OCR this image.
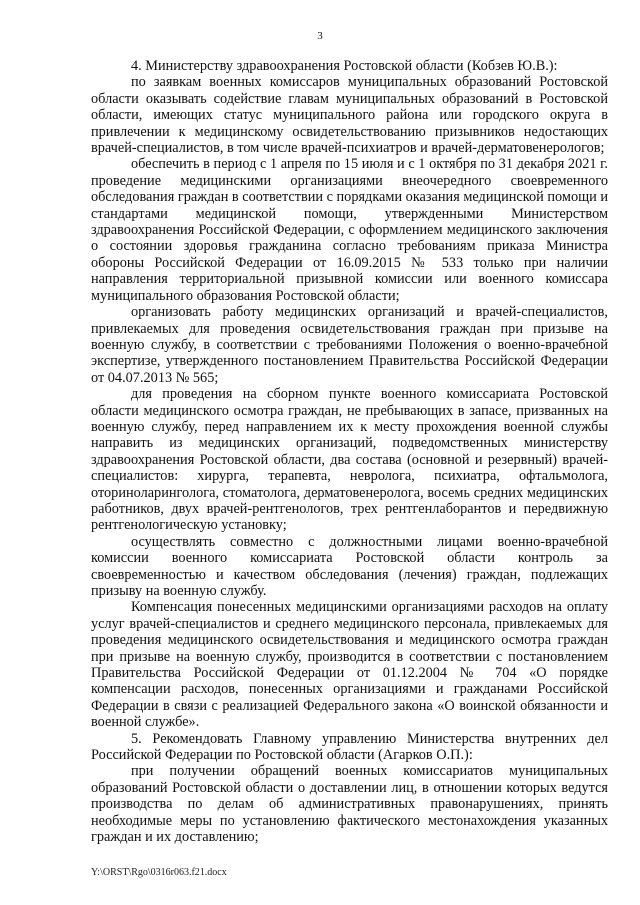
3

4. Министерству здравоохранения Ростовской области (Кобзев Ю.В.):

по заявкам военных комиссаров муниципальных образований Ростовской области оказывать содействие главам муниципальных образований в Ростовской области, имеющих статус муниципального района или городского округа в привлечении к медицинскому освидетельствованию призывников недостающих врачей-специалистов, в том числе врачей-психиатров и врачей-дерматовенерологов;

обеспечить в период с 1 апреля по 15 июля и с 1 октября по 31 декабря 2021 г. проведение медицинскими организациями внеочередного своевременного обследования граждан в соответствии с порядками оказания медицинской помощи и стандартами медицинской помощи, утвержденными Министерством здравоохранения Российской Федерации, с оформлением медицинского заключения о состоянии здоровья гражданина согласно требованиям приказа Министра обороны Российской Федерации от 16.09.2015 № 533 только при наличии направления территориальной призывной комиссии или военного комиссара муниципального образования Ростовской области;

организовать работу медицинских организаций и врачей-специалистов, привлекаемых для проведения освидетельствования граждан при призыве на военную службу, в соответствии с требованиями Положения о военно-врачебной экспертизе, утвержденного постановлением Правительства Российской Федерации от 04.07.2013 № 565;

для проведения на сборном пункте военного комиссариата Ростовской области медицинского осмотра граждан, не пребывающих в запасе, призванных на военную службу, перед направлением их к месту прохождения военной службы направить из медицинских организаций, подведомственных министерству здравоохранения Ростовской области, два состава (основной и резервный) врачей-специалистов: хирурга, терапевта, невролога, психиатра, офтальмолога, оториноларинголога, стоматолога, дерматовенеролога, восемь средних медицинских работников, двух врачей-рентгенологов, трех рентгенлаборантов и передвижную рентгенологическую установку;

осуществлять совместно с должностными лицами военно-врачебной комиссии военного комиссариата Ростовской области контроль за своевременностью и качеством обследования (лечения) граждан, подлежащих призыву на военную службу.

Компенсация понесенных медицинскими организациями расходов на оплату услуг врачей-специалистов и среднего медицинского персонала, привлекаемых для проведения медицинского освидетельствования и медицинского осмотра граждан при призыве на военную службу, производится в соответствии с постановлением Правительства Российской Федерации от 01.12.2004 № 704 «О порядке компенсации расходов, понесенных организациями и гражданами Российской Федерации в связи с реализацией Федерального закона «О воинской обязанности и военной службе».

5. Рекомендовать Главному управлению Министерства внутренних дел Российской Федерации по Ростовской области (Агарков О.П.):

при получении обращений военных комиссариатов муниципальных образований Ростовской области о доставлении лиц, в отношении которых ведутся производства по делам об административных правонарушениях, принять необходимые меры по установлению фактического местонахождения указанных граждан и их доставлению;

Y:\ORST\Rgo\0316r063.f21.docx
